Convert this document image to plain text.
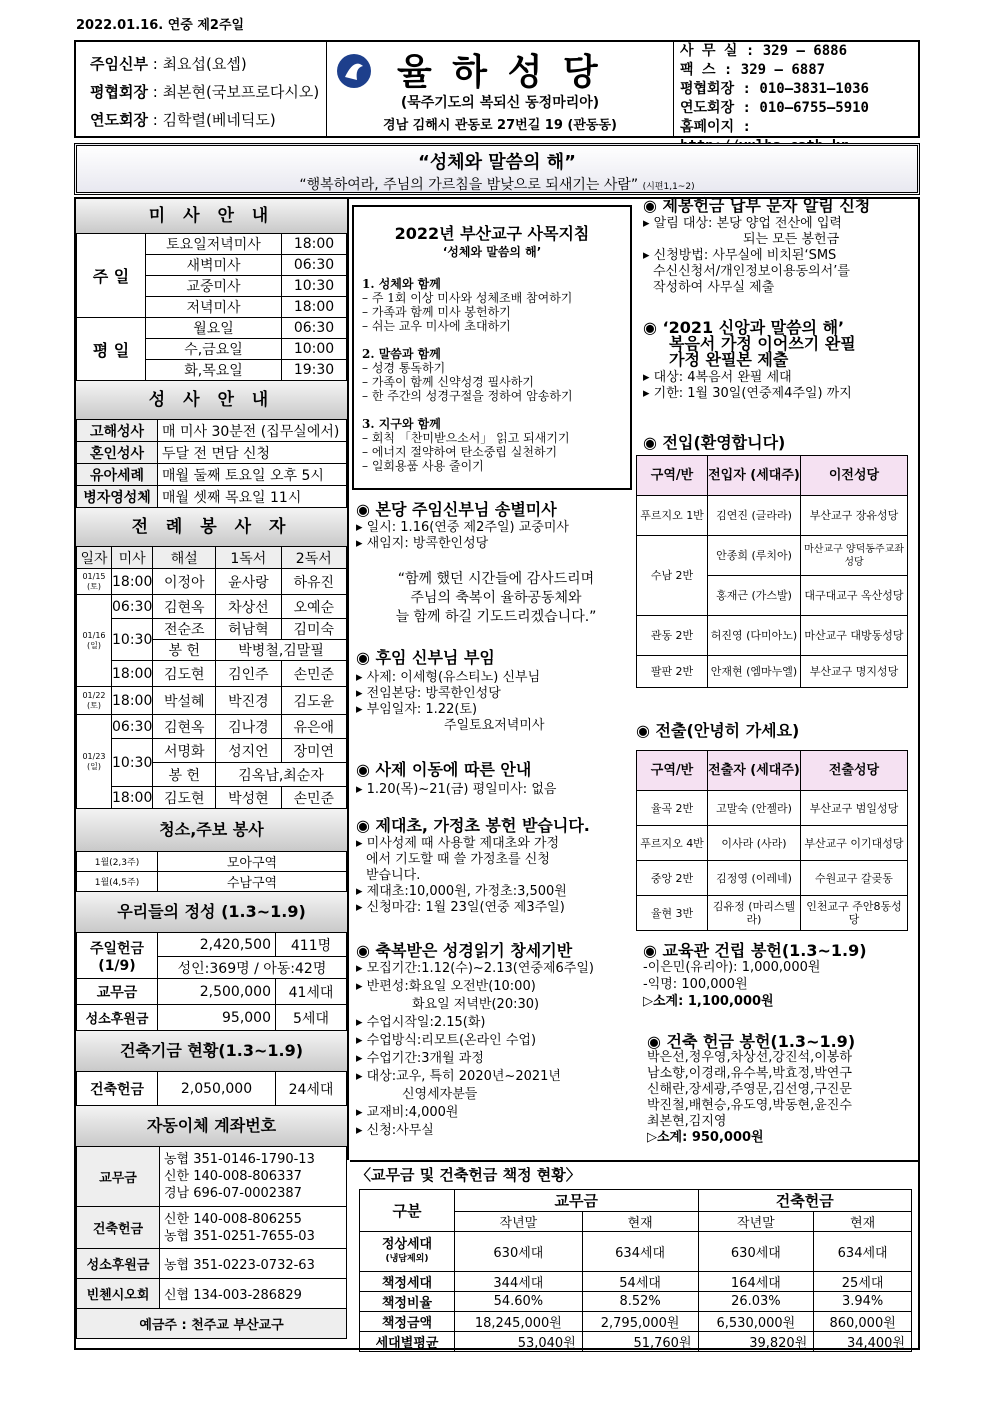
2022.01.16. 연중 제2주일
주임신부 : 최요섭(요셉)
평협회장 : 최본현(국보프로다시오)
연도회장 : 김학렬(베네딕도)
율 하 성 당
(묵주기도의 복되신 동정마리아)
경남 김해시 관동로 27번길 19 (관동동)
사 무 실 : 329 – 6886
팩 스 : 329 – 6887
평협회장 : 010–3831–1036
연도회장 : 010–6755–5910
홈페이지 :
“성체와 말씀의 해”
“행복하여라, 주님의 가르침을 밤낮으로 되새기는 사람” (시편1,1~2)
미 사 안 내
주 일	토요일저녁미사	18:00
	새벽미사	06:30
	교중미사	10:30
	저녁미사	18:00
평 일	월요일	06:30
	수,금요일	10:00
	화,목요일	19:30
성 사 안 내
고해성사	매 미사 30분전 (집무실에서)
혼인성사	두달 전 면담 신청
유아세례	매월 둘째 토요일 오후 5시
병자영성체	매월 셋째 목요일 11시
전 례 봉 사 자
일자	미사	해설	1독서	2독서
01/15 (토)	18:00	이정아	윤사랑	하유진
01/16 (일)	06:30	김현옥	차상선	오예순
	10:30	전순조	허남혁	김미숙
		봉 헌	박병철,김말필	
	18:00	김도현	김인주	손민준
01/22 (토)	18:00	박설혜	박진경	김도윤
01/23 (일)	06:30	김현옥	김나경	유은애
	10:30	서명화	성지언	장미연
		봉 헌	김옥남,최순자	
	18:00	김도현	박성현	손민준
청소,주보 봉사
1월(2,3주)	모아구역
1월(4,5주)	수남구역
우리들의 정성 (1.3~1.9)
주일헌금 (1/9)	2,420,500	411명
	성인:369명 / 아동:42명	
교무금	2,500,000	41세대
성소후원금	95,000	5세대
건축기금 현황(1.3~1.9)
건축헌금	2,050,000	24세대
자동이체 계좌번호
교무금	농협 351-0146-1790-13
신한 140-008-806337
경남 696-07-0002387

건축헌금	신한 140-008-806255
농협 351-0251-7655-03

성소후원금	농협 351-0223-0732-63
빈첸시오회	신협 134-003-286829
예금주 : 천주교 부산교구	
2022년 부산교구 사목지침
‘성체와 말씀의 해’
1. 성체와 함께
– 주 1회 이상 미사와 성체조배 참여하기
– 가족과 함께 미사 봉헌하기
– 쉬는 교우 미사에 초대하기
2. 말씀과 함께
– 성경 통독하기
– 가족이 함께 신약성경 필사하기
– 한 주간의 성경구절을 정하여 암송하기
3. 지구와 함께
– 회칙 「찬미받으소서」 읽고 되새기기
– 에너지 절약하여 탄소중립 실천하기
– 일회용품 사용 줄이기
◉ 본당 주임신부님 송별미사
▸ 일시: 1.16(연중 제2주일) 교중미사
▸ 새임지: 방콕한인성당
“함께 했던 시간들에 감사드리며
주님의 축복이 율하공동체와
늘 함께 하길 기도드리겠습니다.”
◉ 후임 신부님 부임
▸ 사제: 이세형(유스티노) 신부님
▸ 전임본당: 방콕한인성당
▸ 부임일자: 1.22(토)
주일토요저녁미사
◉ 사제 이동에 따른 안내
▸ 1.20(목)~21(금) 평일미사: 없음
◉ 제대초, 가정초 봉헌 받습니다.
▸ 미사성제 때 사용할 제대초와 가정
에서 기도할 때 쓸 가정초를 신청
받습니다.
▸ 제대초:10,000원, 가정초:3,500원
▸ 신청마감: 1월 23일(연중 제3주일)
◉ 축복받은 성경읽기 창세기반
▸ 모집기간:1.12(수)~2.13(연중제6주일)
▸ 반편성:화요일 오전반(10:00)
화요일 저녁반(20:30)
▸ 수업시작일:2.15(화)
▸ 수업방식:리모트(온라인 수업)
▸ 수업기간:3개월 과정
▸ 대상:교우, 특히 2020년~2021년
신영세자분들
▸ 교재비:4,000원
▸ 신청:사무실
◉ 제봉헌금 납부 문자 알림 신청
▸ 알림 대상: 본당 양업 전산에 입력
되는 모든 봉헌금
▸ 신청방법: 사무실에 비치된‘SMS
수신신청서/개인정보이용동의서’를
작성하여 사무실 제출
◉ ‘2021 신앙과 말씀의 해’
복음서 가정 이어쓰기 완필
가정 완필본 제출
▸ 대상: 4복음서 완필 세대
▸ 기한: 1월 30일(연중제4주일) 까지
◉ 전입(환영합니다)
구역/반	전입자 (세대주)	이전성당
푸르지오 1반	김연진 (글라라)	부산교구 장유성당
수남 2반	안종희 (루치아)	마산교구 양덕동주교좌성당
	홍재근 (가스발)	대구대교구 옥산성당
관동 2반	허진영 (다미아노)	마산교구 대방동성당
팔판 2반	안재현 (엠마누엘)	부산교구 명지성당
◉ 전출(안녕히 가세요)
구역/반	전출자 (세대주)	전출성당
율곡 2반	고말숙 (안젤라)	부산교구 범일성당
푸르지오 4반	이사라 (사라)	부산교구 이기대성당
중앙 2반	김정영 (이레네)	수원교구 갈곶동
율현 3반	김유정 (마리스텔라)	인천교구 주안8동성당
◉ 교육관 건립 봉헌(1.3~1.9)
-이은민(유리아): 1,000,000원
-익명: 100,000원
▷소계: 1,100,000원
◉ 건축 헌금 봉헌(1.3~1.9)
박은선,정우영,차상선,강진석,이봉하
남소향,이경래,유수복,박효정,박연구
신해란,장세광,주영문,김선영,구진문
박진철,배현승,유도영,박동현,윤진수
최본현,김지영
▷소계: 950,000원
〈교무금 및 건축헌금 책정 현황〉
구분	교무금		건축헌금	
	작년말	현재	작년말	현재

정상세대
(냉담제외)	630세대	634세대	630세대	634세대
책정세대	344세대	54세대	164세대	25세대
책정비율	54.60%	8.52%	26.03%	3.94%
책정금액	18,245,000원	2,795,000원	6,530,000원	860,000원
세대별평균	53,040원	51,760원	39,820원	34,400원
